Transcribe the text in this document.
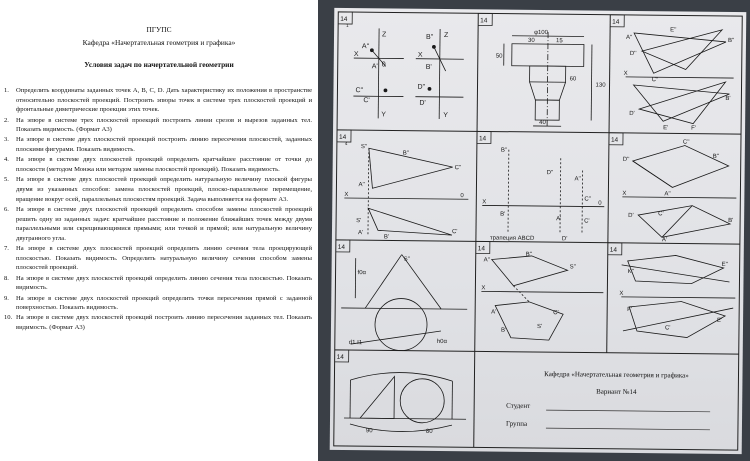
ПГУПС
Кафедра «Начертательная геометрия и графика»
Условия задач по начертательной геометрии
1. Определить координаты заданных точек A, B, C, D. Дать характеристику их положения в пространстве относительно плоскостей проекций. Построить эпюры точек в системе трех плоскостей проекций и фронтальные диметрические проекции этих точек.
2. На эпюре в системе трех плоскостей проекций построить линии срезов и вырезов заданных тел. Показать видимость. (Формат А3)
3. На эпюре в системе двух плоскостей проекций построить линию пересечения плоскостей, заданных плоскими фигурами. Показать видимость.
4. На эпюре в системе двух плоскостей проекций определить кратчайшее расстояние от точки до плоскости (методом Монжа или методом замены плоскостей проекций). Показать видимость.
5. На эпюре в системе двух плоскостей проекций определить натуральную величину плоской фигуры двумя из указанных способов: замена плоскостей проекций, плоско-параллельное перемещение, вращение вокруг осей, параллельных плоскостям проекций. Задача выполняется на формате А3.
6. На эпюре в системе двух плоскостей проекций определить способом замены плоскостей проекций решить одну из заданных задач: кратчайшее расстояние и положение ближайших точек между двумя параллельными или скрещивающимися прямыми; или точкой и прямой; или натуральную величину двугранного угла.
7. На эпюре в системе двух плоскостей проекций определить линию сечения тела проецирующей плоскостью. Показать видимость. Определить натуральную величину сечения способом замены плоскостей проекций.
8. На эпюре в системе двух плоскостей проекций определить линию сечения тела плоскостью. Показать видимость.
9. На эпюре в системе двух плоскостей проекций определить точки пересечения прямой с заданной поверхностью. Показать видимость.
10. На эпюре в системе двух плоскостей проекций построить линию пересечения заданных тел. Показать видимость. (Формат А3)
14	14	14
14	14	14
14	14	14
14
1
4
X
Z
A''
A' 0
B'' Z
B'
X
C''
C'
D''
D'
Y	Y
φ100
30	15
50
60
130
40
E''
A''
B''
D''
C''
X
D'
E'	F'
B'
S''
B''
C''
A''
X	0
S'
A'
B'
C'
B''
D''
A''
C''
X	0
B'
A'	C'
трапеция ABCD	D'
C''
D''
B''
A''
X
C'
D'
B'
A'
f0α
S''
h0α
d1 I1
A''
B''
S''
X
A'	C'
B'
S'
K''
E''
X
F'
C'
E'
90	80
Кафедра «Начертательная геометрия и графика»
Вариант №14
Студент
Группа
